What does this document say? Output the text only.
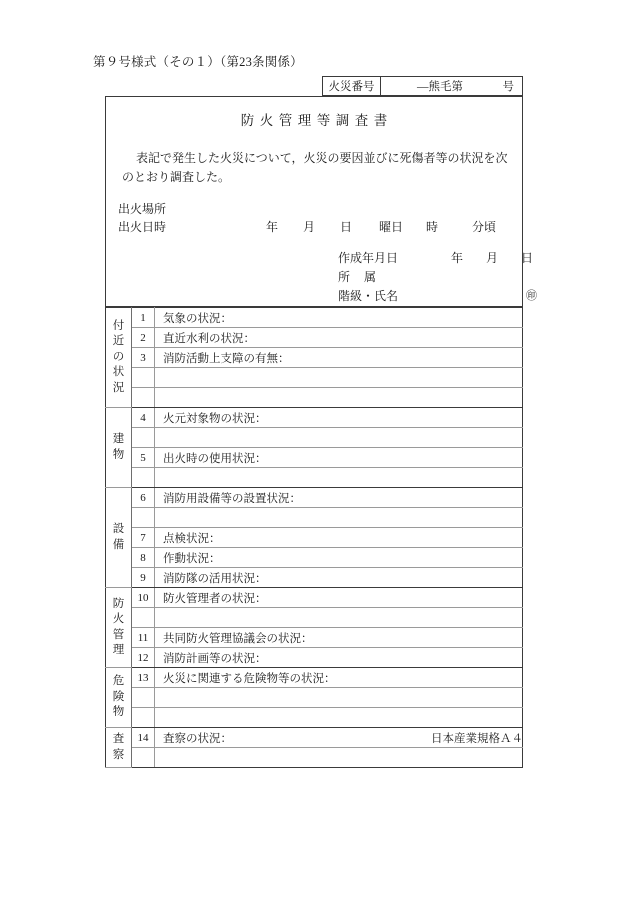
第９号様式（その１）（第23条関係）
火災番号	―熊毛第	号
防火管理等調査書
表記で発生した火災について，火災の要因並びに死傷者等の状況を次のとおり調査した。
出火場所
出火日時	年 月 日 曜日 時	分頃
作成年月日	年 月 日
所属
階級・氏名	㊞
付
近
の
状
況	1	気象の状況：
	2	直近水利の状況：
	3	消防活動上支障の有無：

建
物	4	火元対象物の状況：

	5	出火時の使用状況：

設
備	6	消防用設備等の設置状況：

	7	点検状況：
	8	作動状況：
	9	消防隊の活用状況：

防
火
管
理	10	防火管理者の状況：

	11	共同防火管理協議会の状況：
	12	消防計画等の状況：

危
険
物	13	火災に関連する危険物等の状況：

査
察	14	査察の状況：
		日本産業規格Ａ４
